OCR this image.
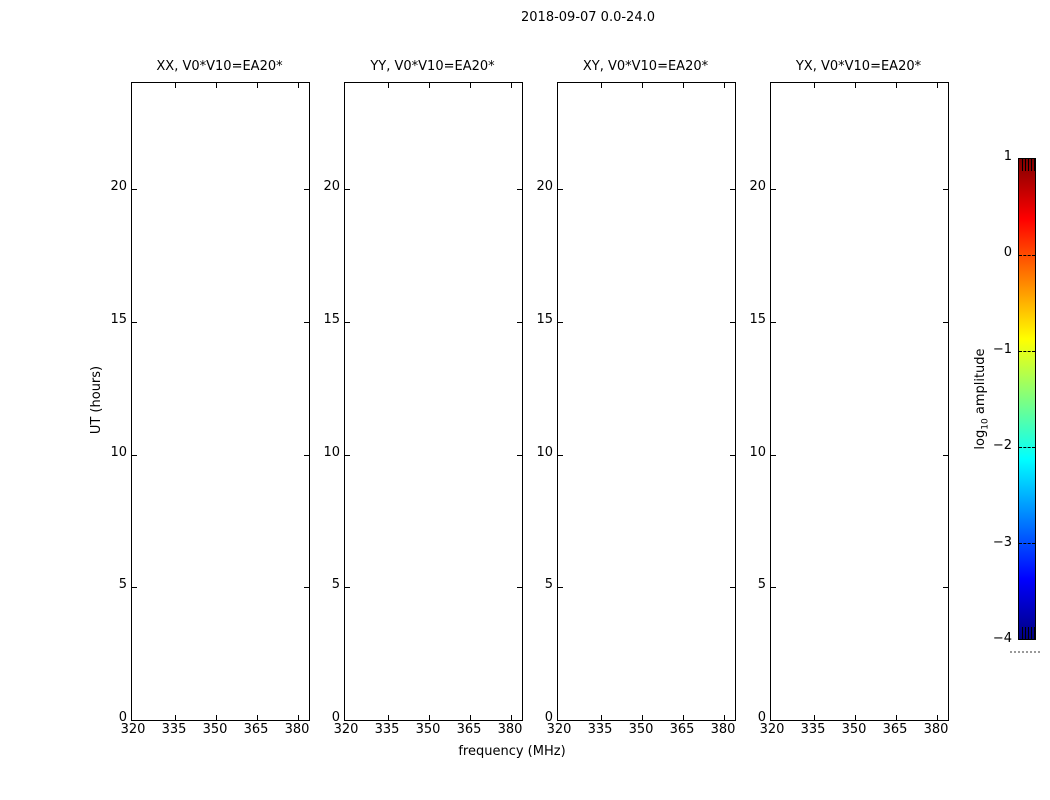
2018-09-07 0.0-24.0
XX, V0*V10=EA20*	YY, V0*V10=EA20*	XY, V0*V10=EA20*	YX, V0*V10=EA20*
20
15
10
5
0
20
15
10
5
0
20
15
10
5
0
20
15
10
5
0
320	335	350	365	380	320	335	350	365	380	320	335	350	365	380	320	335	350	365	380
UT (hours)
frequency (MHz)
1
0
−1
−2
−3
−4
$\log_{10}$ amplitude
